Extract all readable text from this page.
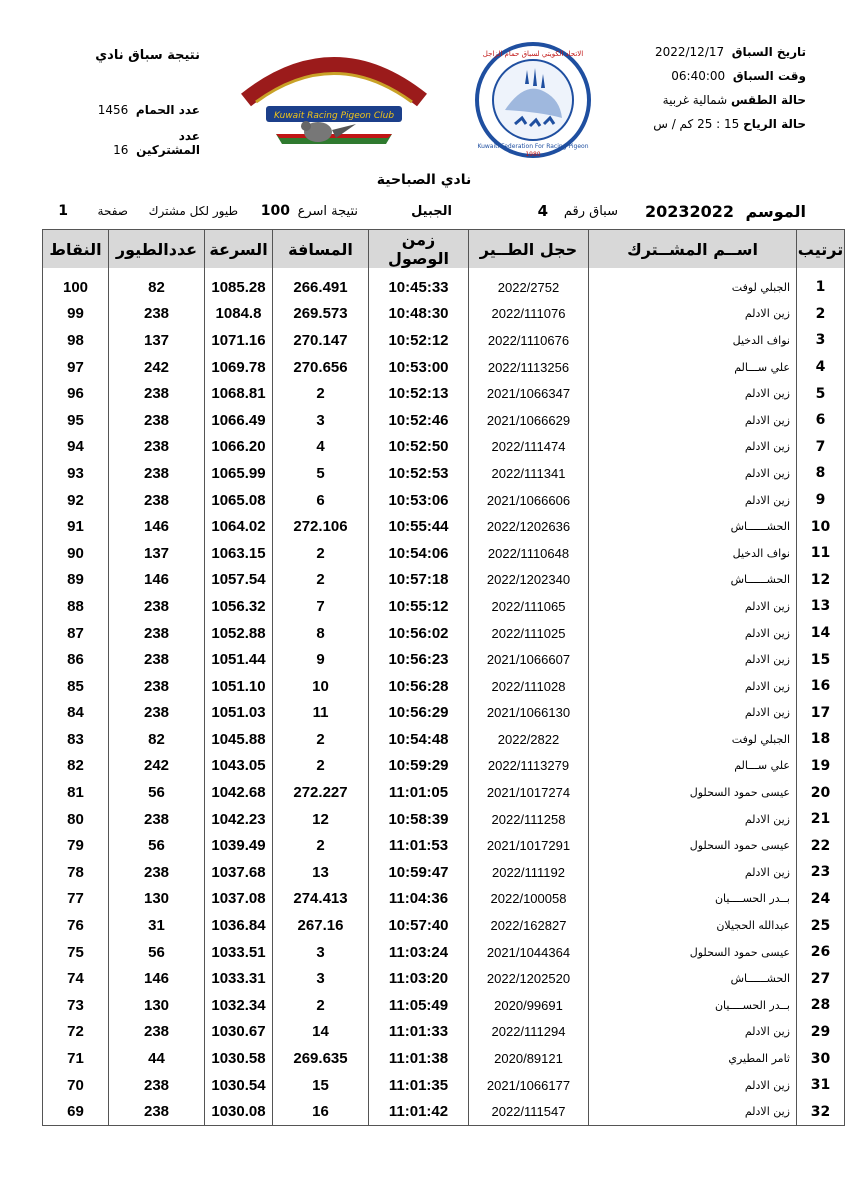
تاريخ السباق  2022/12/17
وقت السباق  06:40:00
حالة الطقس شمالية غربية
حالة الرياح 15 : 25 كم / س
نتيجة سباق نادي
عدد الحمام  1456
عدد المشتركين  16
Kuwait Racing Pigeon Club
الاتحاد الكويتي لسباق حمام الزاجل
Kuwaiti Federation For Racing Pigeon
1980
نادي الصباحية
الموسم
20232022
سباق رقم
4
الجبيل
نتيجة اسرع
100
طيور لكل مشترك
صفحة
1
ترتيب	اســم المشــترك	حجل الطــير	زمن الوصول	المسافة	السرعة	عددالطيور	النقاط

1	الجبلي لوفت	2022/2752	10:45:33	266.491	1085.28	82	100
2	زين الادلم	2022/111076	10:48:30	269.573	1084.8	238	99
3	نواف الدخيل	2022/1110676	10:52:12	270.147	1071.16	137	98
4	علي ســـالم	2022/1113256	10:53:00	270.656	1069.78	242	97
5	زين الادلم	2021/1066347	10:52:13	2	1068.81	238	96
6	زين الادلم	2021/1066629	10:52:46	3	1066.49	238	95
7	زين الادلم	2022/111474	10:52:50	4	1066.20	238	94
8	زين الادلم	2022/111341	10:52:53	5	1065.99	238	93
9	زين الادلم	2021/1066606	10:53:06	6	1065.08	238	92
10	الحشــــــاش	2022/1202636	10:55:44	272.106	1064.02	146	91
11	نواف الدخيل	2022/1110648	10:54:06	2	1063.15	137	90
12	الحشــــــاش	2022/1202340	10:57:18	2	1057.54	146	89
13	زين الادلم	2022/111065	10:55:12	7	1056.32	238	88
14	زين الادلم	2022/111025	10:56:02	8	1052.88	238	87
15	زين الادلم	2021/1066607	10:56:23	9	1051.44	238	86
16	زين الادلم	2022/111028	10:56:28	10	1051.10	238	85
17	زين الادلم	2021/1066130	10:56:29	11	1051.03	238	84
18	الجبلي لوفت	2022/2822	10:54:48	2	1045.88	82	83
19	علي ســـالم	2022/1113279	10:59:29	2	1043.05	242	82
20	عيسى حمود السحلول	2021/1017274	11:01:05	272.227	1042.68	56	81
21	زين الادلم	2022/111258	10:58:39	12	1042.23	238	80
22	عيسى حمود السحلول	2021/1017291	11:01:53	2	1039.49	56	79
23	زين الادلم	2022/111192	10:59:47	13	1037.68	238	78
24	بــدر الحســــيان	2022/100058	11:04:36	274.413	1037.08	130	77
25	عبدالله الحجيلان	2022/162827	10:57:40	267.16	1036.84	31	76
26	عيسى حمود السحلول	2021/1044364	11:03:24	3	1033.51	56	75
27	الحشــــــاش	2022/1202520	11:03:20	3	1033.31	146	74
28	بــدر الحســــيان	2020/99691	11:05:49	2	1032.34	130	73
29	زين الادلم	2022/111294	11:01:33	14	1030.67	238	72
30	ثامر المطيري	2020/89121	11:01:38	269.635	1030.58	44	71
31	زين الادلم	2021/1066177	11:01:35	15	1030.54	238	70
32	زين الادلم	2022/111547	11:01:42	16	1030.08	238	69
